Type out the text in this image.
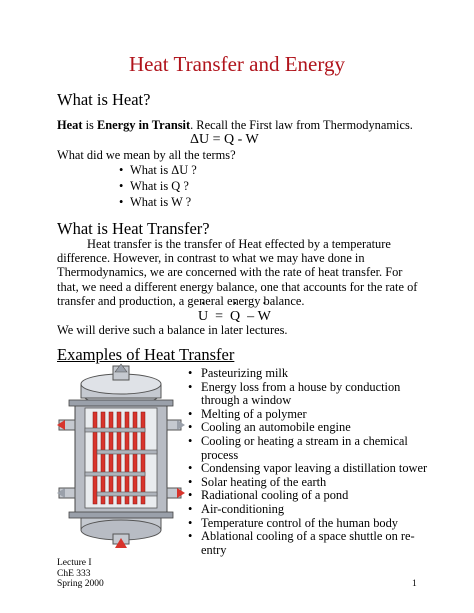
Heat Transfer and Energy
What is Heat?
Heat is Energy in Transit. Recall the First law from Thermodynamics.
ΔU = Q - W
What did we mean by all the terms?
• What is ΔU ?
• What is Q ?
• What is W ?
What is Heat Transfer?
Heat transfer is the transfer of Heat effected by a temperature difference. However, in contrast to what we may have done in Thermodynamics, we are concerned with the rate of heat transfer. For that, we need a different energy balance, one that accounts for the rate of transfer and production, a general energy balance.
U • = Q • – W •
We will derive such a balance in later lectures.
Examples of Heat Transfer
• Pasteurizing milk
• Energy loss from a house by conduction through a window
• Melting of a polymer
• Cooling an automobile engine
• Cooling or heating a stream in a chemical process
• Condensing vapor leaving a distillation tower
• Solar heating of the earth
• Radiational cooling of a pond
• Air-conditioning
• Temperature control of the human body
• Ablational cooling of a space shuttle on re-entry
Lecture I
ChE 333
Spring 2000	1
